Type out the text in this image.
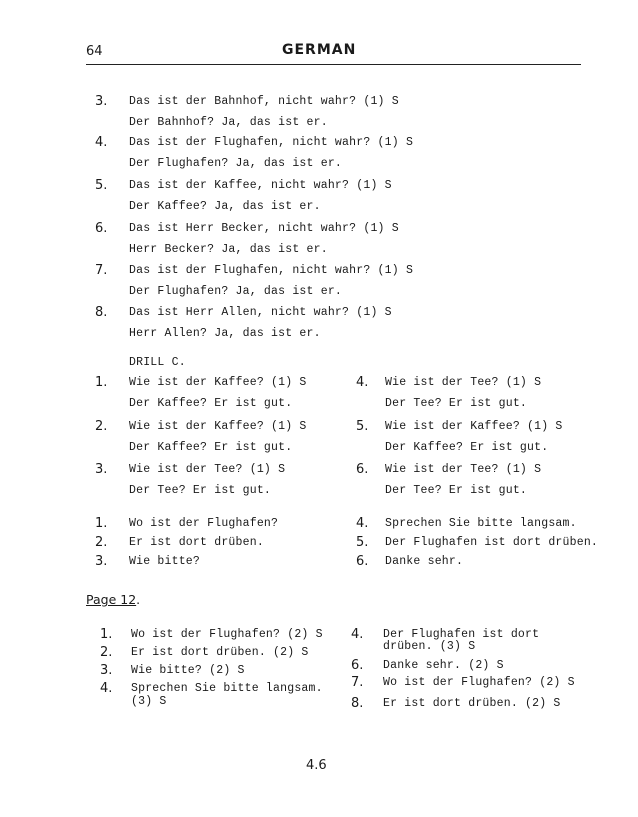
64	GERMAN
3. Das ist der Bahnhof, nicht wahr? (1) S
Der Bahnhof? Ja, das ist er.
4. Das ist der Flughafen, nicht wahr? (1) S
Der Flughafen? Ja, das ist er.
5. Das ist der Kaffee, nicht wahr? (1) S
Der Kaffee? Ja, das ist er.
6. Das ist Herr Becker, nicht wahr? (1) S
Herr Becker? Ja, das ist er.
7. Das ist der Flughafen, nicht wahr? (1) S
Der Flughafen? Ja, das ist er.
8. Das ist Herr Allen, nicht wahr? (1) S
Herr Allen? Ja, das ist er.
DRILL C.
1. Wie ist der Kaffee? (1) S
Der Kaffee? Er ist gut.
2. Wie ist der Kaffee? (1) S
Der Kaffee? Er ist gut.
3. Wie ist der Tee? (1) S
Der Tee? Er ist gut.
4. Wie ist der Tee? (1) S
Der Tee? Er ist gut.
5. Wie ist der Kaffee? (1) S
Der Kaffee? Er ist gut.
6. Wie ist der Tee? (1) S
Der Tee? Er ist gut.
1. Wo ist der Flughafen?
2. Er ist dort drüben.
3. Wie bitte?
4. Sprechen Sie bitte langsam.
5. Der Flughafen ist dort drüben.
6. Danke sehr.
Page 12.
1. Wo ist der Flughafen? (2) S
2. Er ist dort drüben. (2) S
3. Wie bitte? (2) S
4. Sprechen Sie bitte langsam.
(3) S
4. Der Flughafen ist dort
drüben. (3) S
6. Danke sehr. (2) S
7. Wo ist der Flughafen? (2) S
8. Er ist dort drüben. (2) S
4.6
